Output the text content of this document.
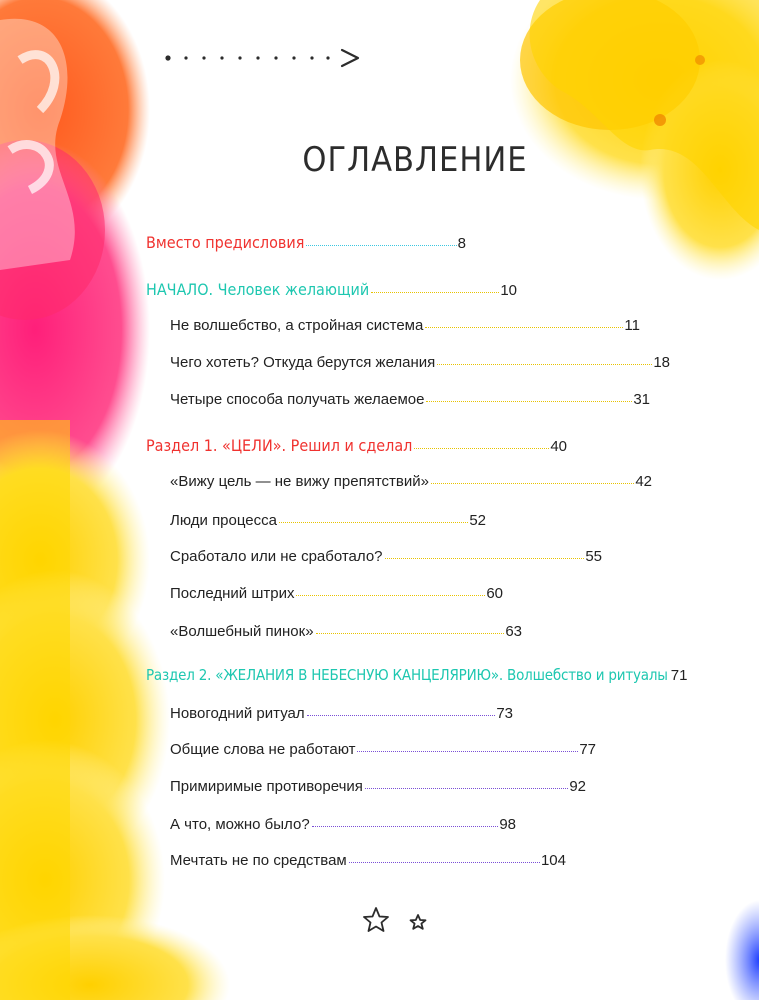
ОГЛАВЛЕНИЕ
Вместо предисловия	8
НАЧАЛО. Человек желающий	10
Не волшебство, а стройная система	11
Чего хотеть? Откуда берутся желания	18
Четыре способа получать желаемое	31
Раздел 1. «ЦЕЛИ». Решил и сделал	40
«Вижу цель — не вижу препятствий»	42
Люди процесса	52
Сработало или не сработало?	55
Последний штрих	60
«Волшебный пинок»	63
Раздел 2. «ЖЕЛАНИЯ В НЕБЕСНУЮ КАНЦЕЛЯРИЮ». Волшебство и ритуалы 71
Новогодний ритуал	73
Общие слова не работают	77
Примиримые противоречия	92
А что, можно было?	98
Мечтать не по средствам	104
